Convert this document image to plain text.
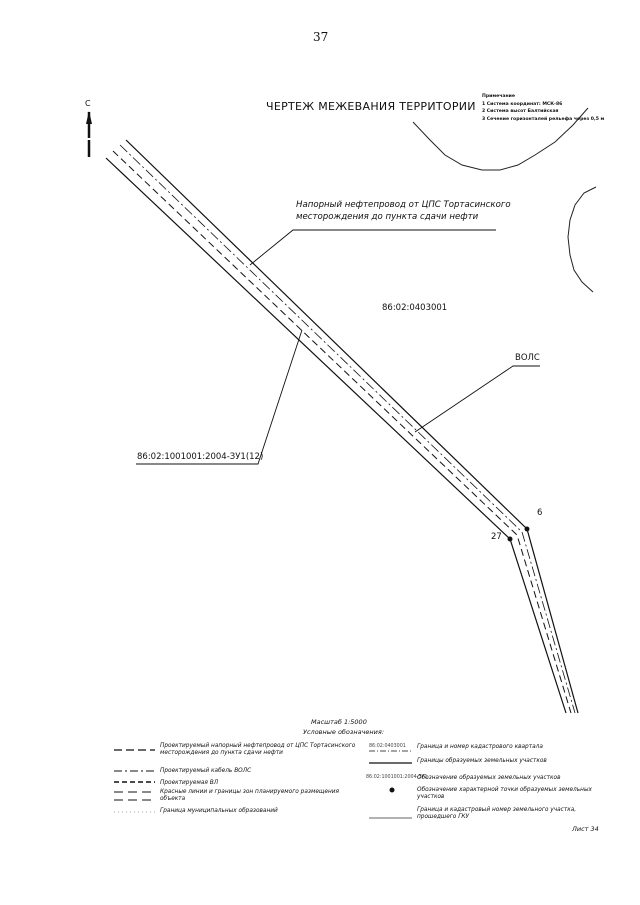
37
ЧЕРТЕЖ МЕЖЕВАНИЯ ТЕРРИТОРИИ
Примечание
1 Система координат: МСК-86
2 Система высот Балтийская
3 Сечение горизонталей рельефа через 0,5 м
С
Напорный нефтепровод от ЦПС Тортасинского месторождения до пункта сдачи нефти
86:02:0403001
ВОЛС
86:02:1001001:2004-ЗУ1(12)
6
27
Масштаб 1:5000
Условные обозначения:
Проектируемый напорный нефтепровод от ЦПС Тортасинского месторождения до пункта сдачи нефти
Проектируемый кабель ВОЛС
Проектируемая ВЛ
Красные линии и границы зон планируемого размещения объекта
Граница муниципальных образований
86:02:0403001 Граница и номер кадастрового квартала
Границы образуемых земельных участков
86:02:1001001:2004-ЗУ1
Обозначение образуемых земельных участков
Обозначение характерной точки образуемых земельных участков
Граница и кадастровый номер земельного участка, прошедшего ГКУ
Лист 34
